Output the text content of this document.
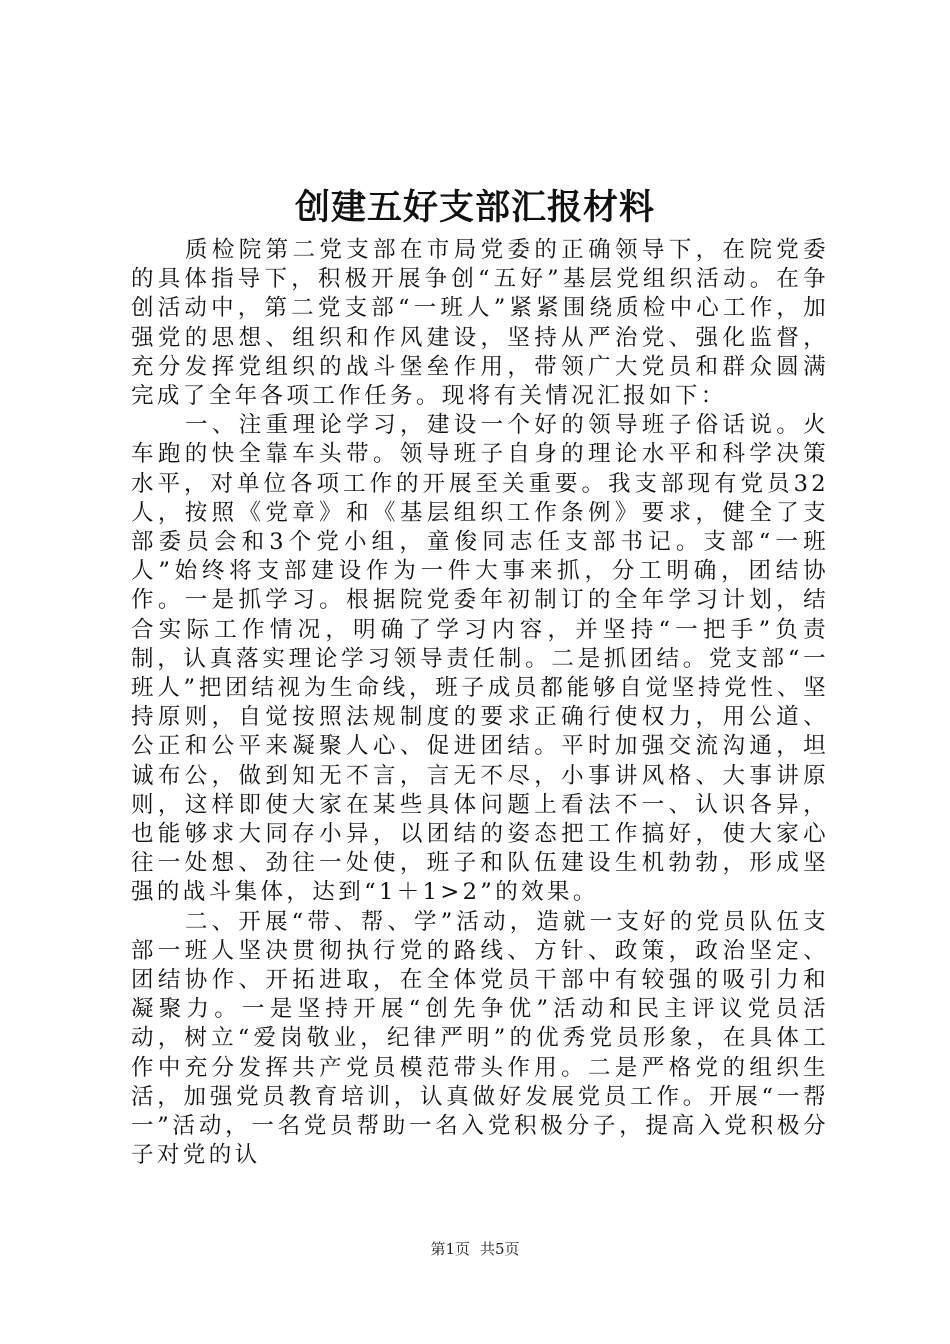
创建五好支部汇报材料

质检院第二党支部在市局党委的正确领导下，在院党委的具体指导下，积极开展争创“五好”基层党组织活动。在争创活动中，第二党支部“一班人”紧紧围绕质检中心工作，加强党的思想、组织和作风建设，坚持从严治党、强化监督，充分发挥党组织的战斗堡垒作用，带领广大党员和群众圆满完成了全年各项工作任务。现将有关情况汇报如下：

一、注重理论学习，建设一个好的领导班子俗话说。火车跑的快全靠车头带。领导班子自身的理论水平和科学决策水平，对单位各项工作的开展至关重要。我支部现有党员32人，按照《党章》和《基层组织工作条例》要求，健全了支部委员会和3个党小组，童俊同志任支部书记。支部“一班人”始终将支部建设作为一件大事来抓，分工明确，团结协作。一是抓学习。根据院党委年初制订的全年学习计划，结合实际工作情况，明确了学习内容，并坚持“一把手”负责制，认真落实理论学习领导责任制。二是抓团结。党支部“一班人”把团结视为生命线，班子成员都能够自觉坚持党性、坚持原则，自觉按照法规制度的要求正确行使权力，用公道、公正和公平来凝聚人心、促进团结。平时加强交流沟通，坦诚布公，做到知无不言，言无不尽，小事讲风格、大事讲原则，这样即使大家在某些具体问题上看法不一、认识各异，也能够求大同存小异，以团结的姿态把工作搞好，使大家心往一处想、劲往一处使，班子和队伍建设生机勃勃，形成坚强的战斗集体，达到“1＋1>2”的效果。

二、开展“带、帮、学”活动，造就一支好的党员队伍支部一班人坚决贯彻执行党的路线、方针、政策，政治坚定、团结协作、开拓进取，在全体党员干部中有较强的吸引力和凝聚力。一是坚持开展“创先争优”活动和民主评议党员活动，树立“爱岗敬业，纪律严明”的优秀党员形象，在具体工作中充分发挥共产党员模范带头作用。二是严格党的组织生活，加强党员教育培训，认真做好发展党员工作。开展“一帮一”活动，一名党员帮助一名入党积极分子，提高入党积极分子对党的认

第1页 共5页
